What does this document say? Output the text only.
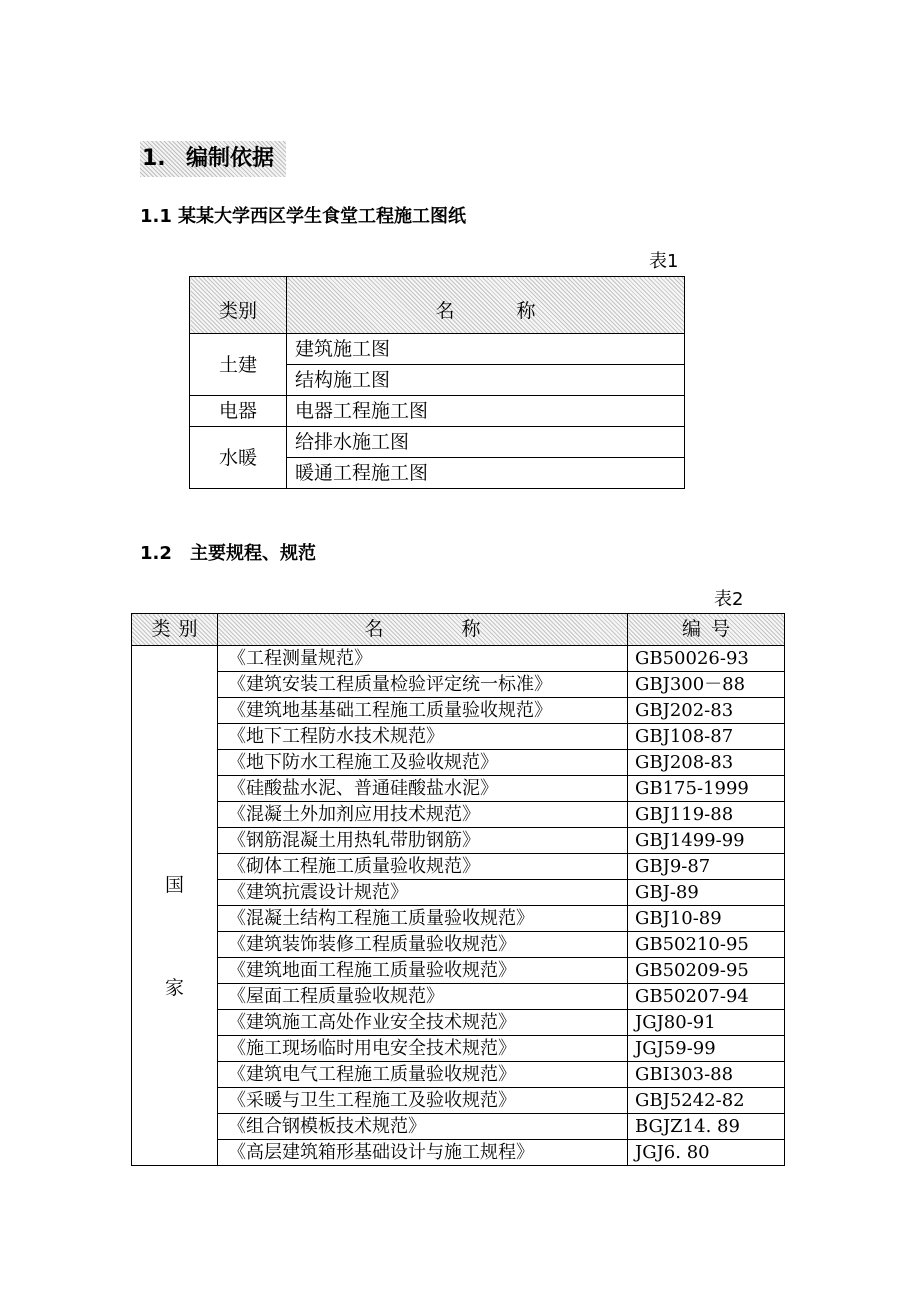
1. 编制依据
1.1 某某大学西区学生食堂工程施工图纸
表1
类别	名 称
土建	建筑施工图
	结构施工图
电器	电器工程施工图
水暖	给排水施工图
	暖通工程施工图
1.2 主要规程、规范
表2
类 别	名 称	编 号

国
家	《工程测量规范》	GB50026-93
	《建筑安装工程质量检验评定统一标准》	GBJ300－88
	《建筑地基基础工程施工质量验收规范》	GBJ202-83
	《地下工程防水技术规范》	GBJ108-87
	《地下防水工程施工及验收规范》	GBJ208-83
	《硅酸盐水泥、普通硅酸盐水泥》	GB175-1999
	《混凝土外加剂应用技术规范》	GBJ119-88
	《钢筋混凝土用热轧带肋钢筋》	GBJ1499-99
	《砌体工程施工质量验收规范》	GBJ9-87
	《建筑抗震设计规范》	GBJ-89
	《混凝土结构工程施工质量验收规范》	GBJ10-89
	《建筑装饰装修工程质量验收规范》	GB50210-95
	《建筑地面工程施工质量验收规范》	GB50209-95
	《屋面工程质量验收规范》	GB50207-94
	《建筑施工高处作业安全技术规范》	JGJ80-91
	《施工现场临时用电安全技术规范》	JGJ59-99
	《建筑电气工程施工质量验收规范》	GBI303-88
	《采暖与卫生工程施工及验收规范》	GBJ5242-82
	《组合钢模板技术规范》	BGJZ14. 89
	《高层建筑箱形基础设计与施工规程》	JGJ6. 80
